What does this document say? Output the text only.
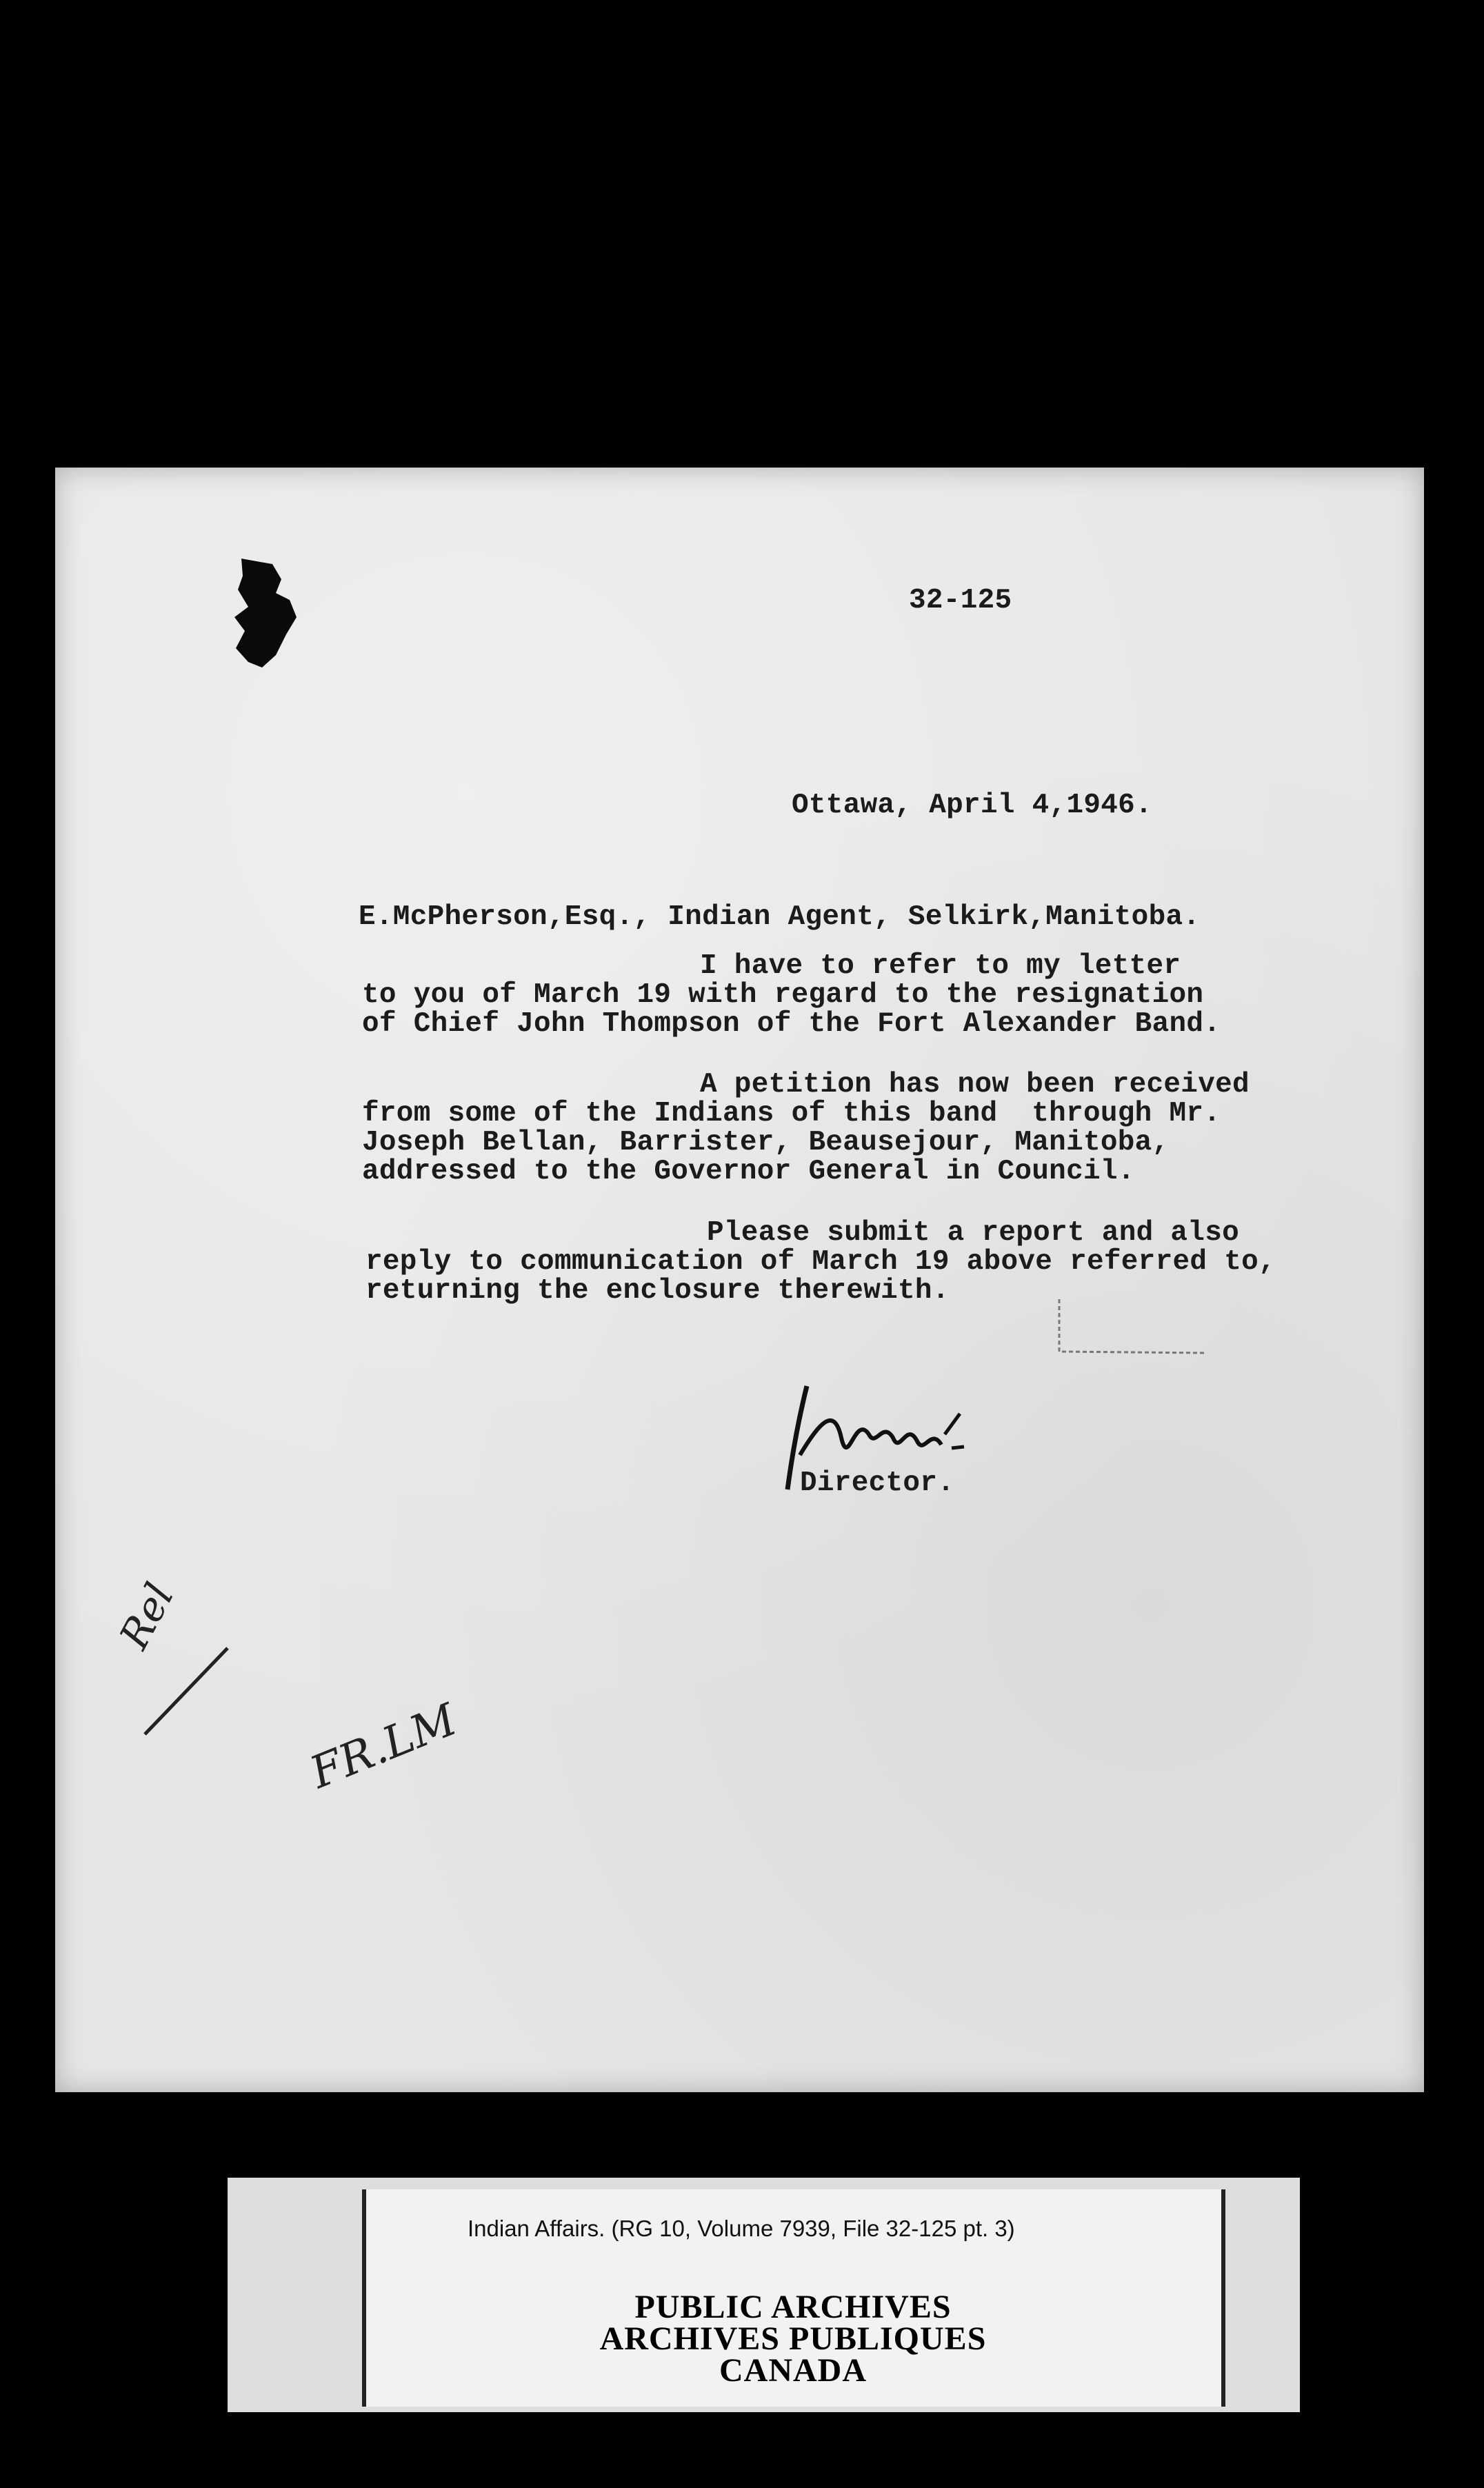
32-125
Ottawa, April 4,1946.
E.McPherson,Esq., Indian Agent, Selkirk,Manitoba.
I have to refer to my letter
to you of March 19 with regard to the resignation
of Chief John Thompson of the Fort Alexander Band.
A petition has now been received
from some of the Indians of this band  through Mr.
Joseph Bellan, Barrister, Beausejour, Manitoba,
addressed to the Governor General in Council.
Please submit a report and also
reply to communication of March 19 above referred to,
returning the enclosure therewith.
Director.
Rel
FR.LM
Indian Affairs. (RG 10, Volume 7939, File 32-125 pt. 3)
PUBLIC ARCHIVES
ARCHIVES PUBLIQUES
CANADA
